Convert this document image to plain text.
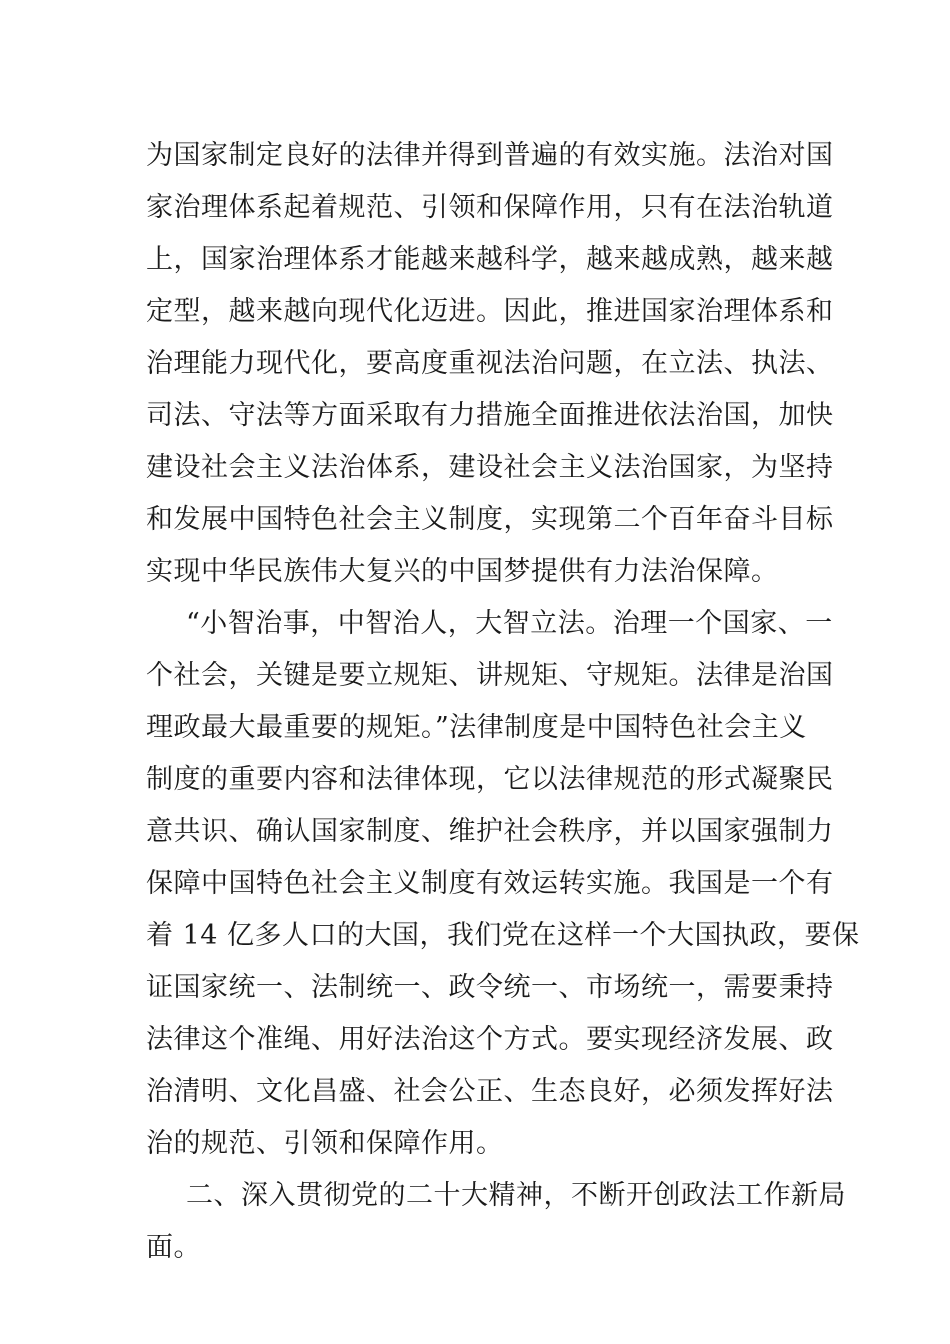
为国家制定良好的法律并得到普遍的有效实施。法治对国
家治理体系起着规范、引领和保障作用，只有在法治轨道
上，国家治理体系才能越来越科学，越来越成熟，越来越
定型，越来越向现代化迈进。因此，推进国家治理体系和
治理能力现代化，要高度重视法治问题，在立法、执法、
司法、守法等方面采取有力措施全面推进依法治国，加快
建设社会主义法治体系，建设社会主义法治国家，为坚持
和发展中国特色社会主义制度，实现第二个百年奋斗目标
实现中华民族伟大复兴的中国梦提供有力法治保障。
“小智治事，中智治人，大智立法。治理一个国家、一
个社会，关键是要立规矩、讲规矩、守规矩。法律是治国
理政最大最重要的规矩。”法律制度是中国特色社会主义
制度的重要内容和法律体现，它以法律规范的形式凝聚民
意共识、确认国家制度、维护社会秩序，并以国家强制力
保障中国特色社会主义制度有效运转实施。我国是一个有
着 14 亿多人口的大国，我们党在这样一个大国执政，要保
证国家统一、法制统一、政令统一、市场统一，需要秉持
法律这个准绳、用好法治这个方式。要实现经济发展、政
治清明、文化昌盛、社会公正、生态良好，必须发挥好法
治的规范、引领和保障作用。
二、深入贯彻党的二十大精神，不断开创政法工作新局
面。
